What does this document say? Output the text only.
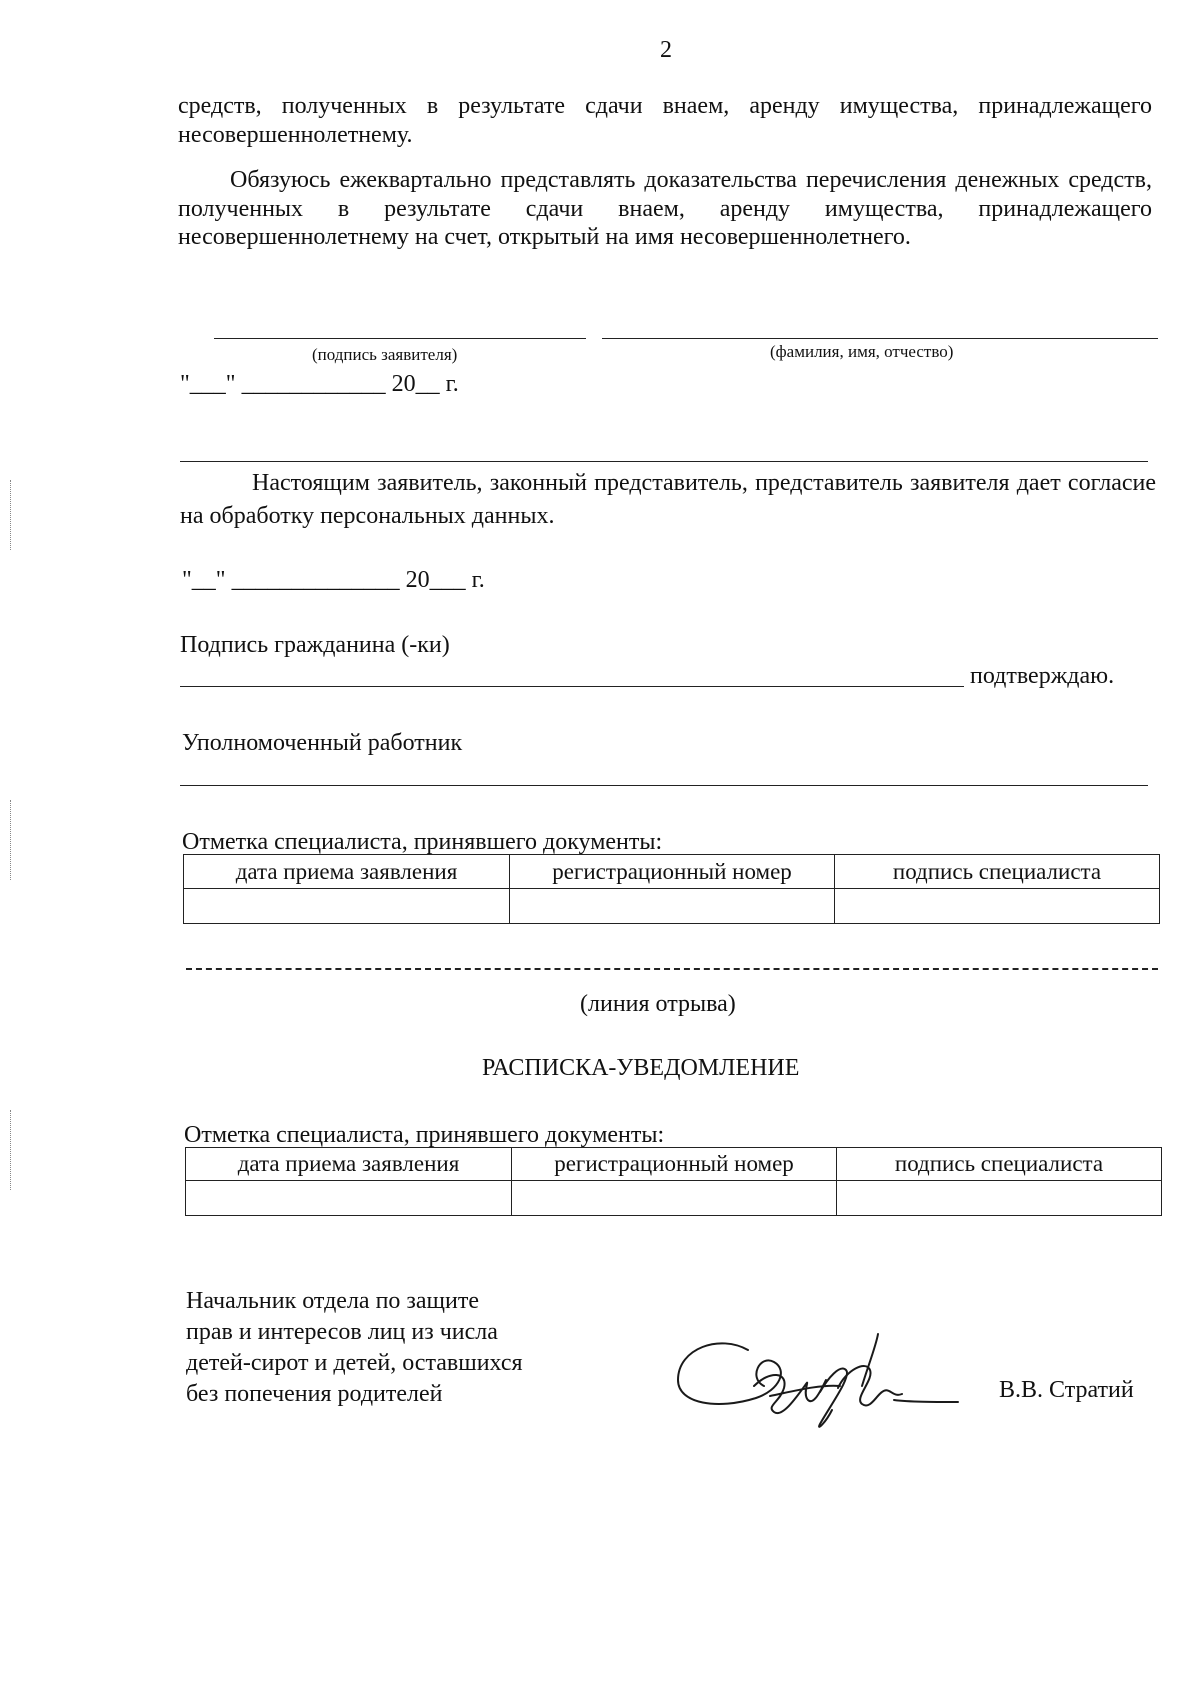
2
средств, полученных в результате сдачи внаем, аренду имущества, принадлежащего несовершеннолетнему.
Обязуюсь ежеквартально представлять доказательства перечисления денежных средств, полученных в результате сдачи внаем, аренду имущества, принадлежащего несовершеннолетнему на счет, открытый на имя несовершеннолетнего.
(подпись заявителя)	(фамилия, имя, отчество)
"___" ____________ 20__ г.
Настоящим заявитель, законный представитель, представитель заявителя дает согласие на обработку персональных данных.
"__" ______________ 20___ г.
Подпись гражданина (-ки)
подтверждаю.
Уполномоченный работник
Отметка специалиста, принявшего документы:
дата приема заявления	регистрационный номер	подпись специалиста

(линия отрыва)
РАСПИСКА-УВЕДОМЛЕНИЕ
Отметка специалиста, принявшего документы:
дата приема заявления	регистрационный номер	подпись специалиста

Начальник отдела по защите
прав и интересов лиц из числа
детей-сирот и детей, оставшихся
без попечения родителей	В.В. Стратий
